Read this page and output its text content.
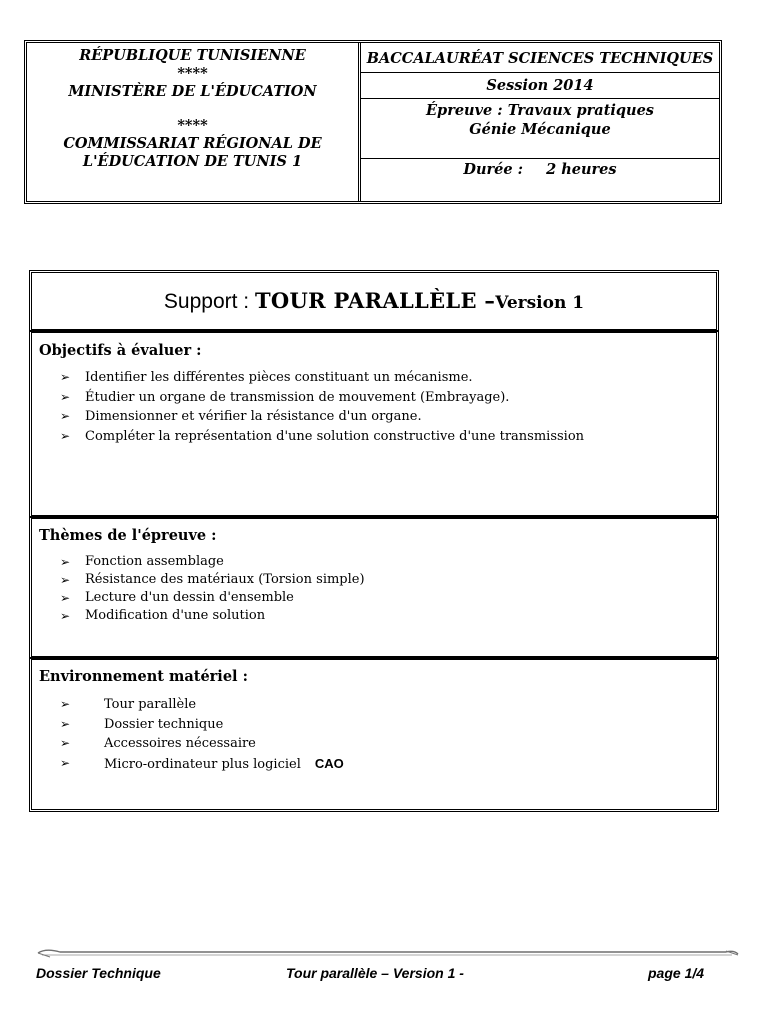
RÉPUBLIQUE TUNISIENNE
****
MINISTÈRE DE L'ÉDUCATION
****
COMMISSARIAT RÉGIONAL DE
L'ÉDUCATION DE TUNIS 1
BACCALAURÉAT SCIENCES TECHNIQUES
Session 2014
Épreuve : Travaux pratiques
Génie Mécanique
Durée : 2 heures
Support : TOUR PARALLÈLE –Version 1
Objectifs à évaluer :
➢ Identifier les différentes pièces constituant un mécanisme.
➢ Étudier un organe de transmission de mouvement (Embrayage).
➢ Dimensionner et vérifier la résistance d'un organe.
➢ Compléter la représentation d'une solution constructive d'une transmission
Thèmes de l'épreuve :
➢ Fonction assemblage
➢ Résistance des matériaux (Torsion simple)
➢ Lecture d'un dessin d'ensemble
➢ Modification d'une solution
Environnement matériel :
➢	Tour parallèle
➢	Dossier technique
➢	Accessoires nécessaire
➢	Micro-ordinateur plus logiciel CAO
Dossier Technique	Tour parallèle – Version 1 -	page 1/4
